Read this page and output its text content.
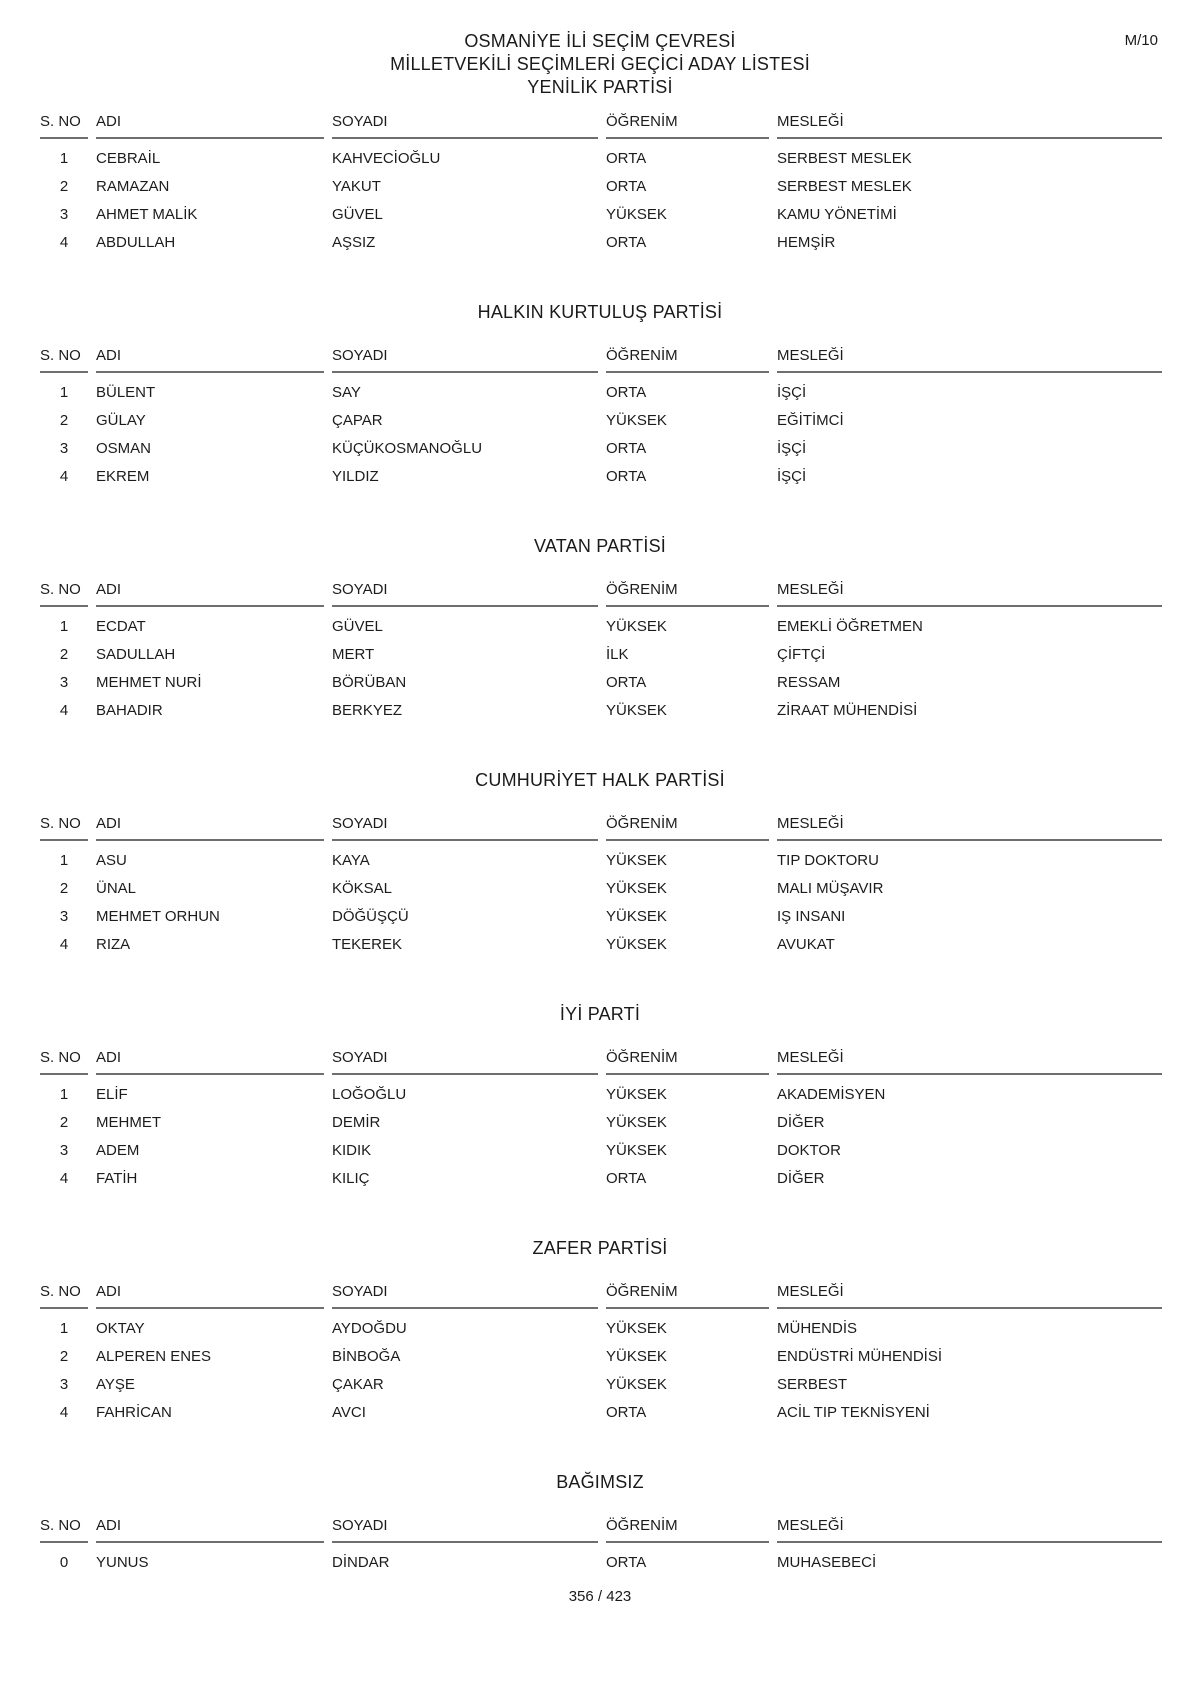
M/10
OSMANİYE İLİ SEÇİM ÇEVRESİ
MİLLETVEKİLİ SEÇİMLERİ GEÇİCİ ADAY LİSTESİ
YENİLİK PARTİSİ
S. NO	ADI	SOYADI	ÖĞRENİM	MESLEĞİ
1	CEBRAİL	KAHVECİOĞLU	ORTA	SERBEST MESLEK
2	RAMAZAN	YAKUT	ORTA	SERBEST MESLEK
3	AHMET MALİK	GÜVEL	YÜKSEK	KAMU YÖNETİMİ
4	ABDULLAH	AŞSIZ	ORTA	HEMŞİR
HALKIN KURTULUŞ PARTİSİ
S. NO	ADI	SOYADI	ÖĞRENİM	MESLEĞİ
1	BÜLENT	SAY	ORTA	İŞÇİ
2	GÜLAY	ÇAPAR	YÜKSEK	EĞİTİMCİ
3	OSMAN	KÜÇÜKOSMANOĞLU	ORTA	İŞÇİ
4	EKREM	YILDIZ	ORTA	İŞÇİ
VATAN PARTİSİ
S. NO	ADI	SOYADI	ÖĞRENİM	MESLEĞİ
1	ECDAT	GÜVEL	YÜKSEK	EMEKLİ ÖĞRETMEN
2	SADULLAH	MERT	İLK	ÇİFTÇİ
3	MEHMET NURİ	BÖRÜBAN	ORTA	RESSAM
4	BAHADIR	BERKYEZ	YÜKSEK	ZİRAAT MÜHENDİSİ
CUMHURİYET HALK PARTİSİ
S. NO	ADI	SOYADI	ÖĞRENİM	MESLEĞİ
1	ASU	KAYA	YÜKSEK	TIP DOKTORU
2	ÜNAL	KÖKSAL	YÜKSEK	MALI MÜŞAVIR
3	MEHMET ORHUN	DÖĞÜŞÇÜ	YÜKSEK	IŞ INSANI
4	RIZA	TEKEREK	YÜKSEK	AVUKAT
İYİ PARTİ
S. NO	ADI	SOYADI	ÖĞRENİM	MESLEĞİ
1	ELİF	LOĞOĞLU	YÜKSEK	AKADEMİSYEN
2	MEHMET	DEMİR	YÜKSEK	DİĞER
3	ADEM	KIDIK	YÜKSEK	DOKTOR
4	FATİH	KILIÇ	ORTA	DİĞER
ZAFER PARTİSİ
S. NO	ADI	SOYADI	ÖĞRENİM	MESLEĞİ
1	OKTAY	AYDOĞDU	YÜKSEK	MÜHENDİS
2	ALPEREN ENES	BİNBOĞA	YÜKSEK	ENDÜSTRİ MÜHENDİSİ
3	AYŞE	ÇAKAR	YÜKSEK	SERBEST
4	FAHRİCAN	AVCI	ORTA	ACİL TIP TEKNİSYENİ
BAĞIMSIZ
S. NO	ADI	SOYADI	ÖĞRENİM	MESLEĞİ
0	YUNUS	DİNDAR	ORTA	MUHASEBECİ
356 / 423
